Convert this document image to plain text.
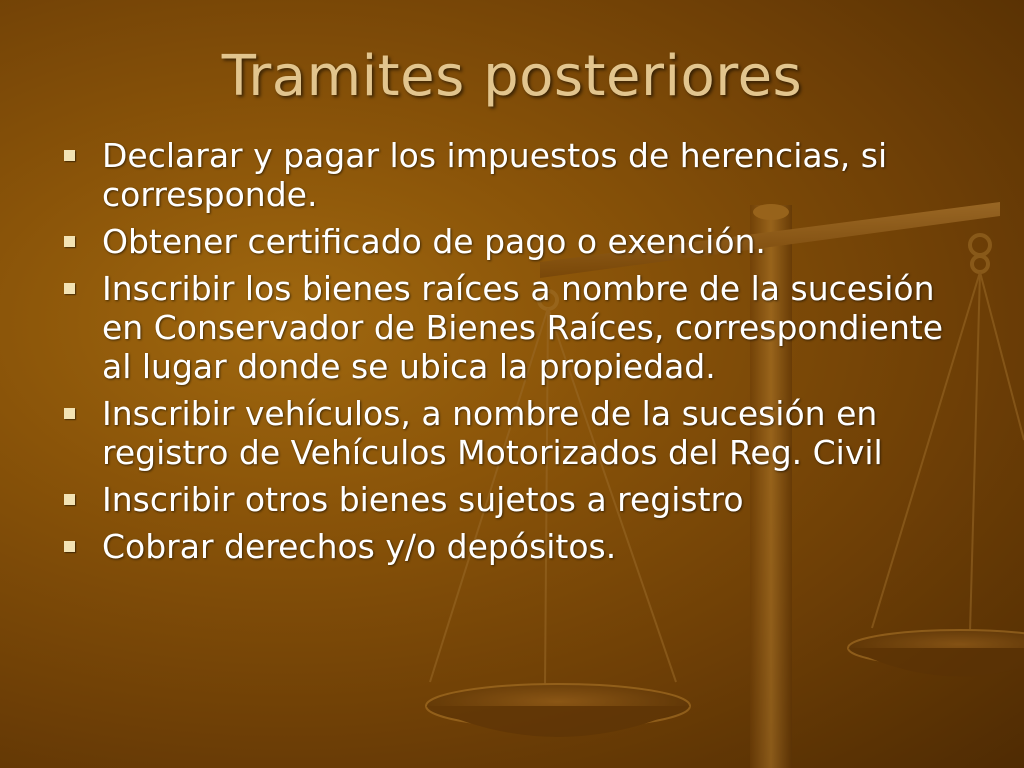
Tramites posteriores
Declarar y pagar los impuestos de herencias, si corresponde.
Obtener certificado de pago o exención.
Inscribir los bienes raíces a nombre de la sucesión en Conservador de Bienes Raíces, correspondiente al lugar donde se ubica la propiedad.
Inscribir vehículos, a nombre de la sucesión en registro de Vehículos Motorizados del Reg. Civil
Inscribir otros bienes sujetos a registro
Cobrar derechos y/o depósitos.
